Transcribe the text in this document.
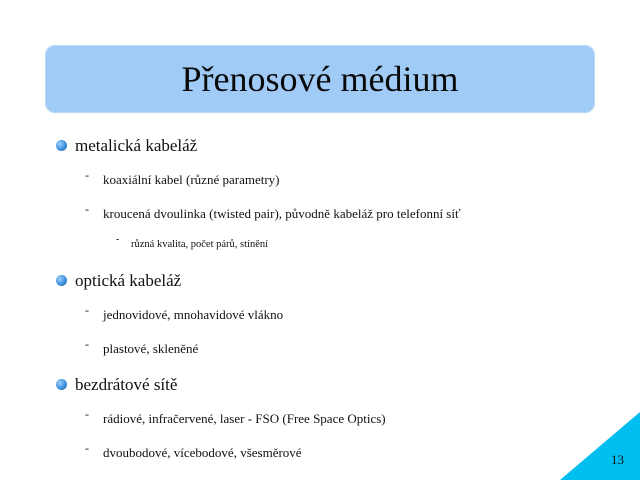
Přenosové médium
metalická kabeláž
- koaxiální kabel (různé parametry)
- kroucená dvoulinka (twisted pair), původně kabeláž pro telefonní síť
- různá kvalita, počet párů, stínění
optická kabeláž
- jednovidové, mnohavidové vlákno
- plastové, skleněné
bezdrátové sítě
- rádiové, infračervené, laser - FSO (Free Space Optics)
- dvoubodové, vícebodové, všesměrové	13
